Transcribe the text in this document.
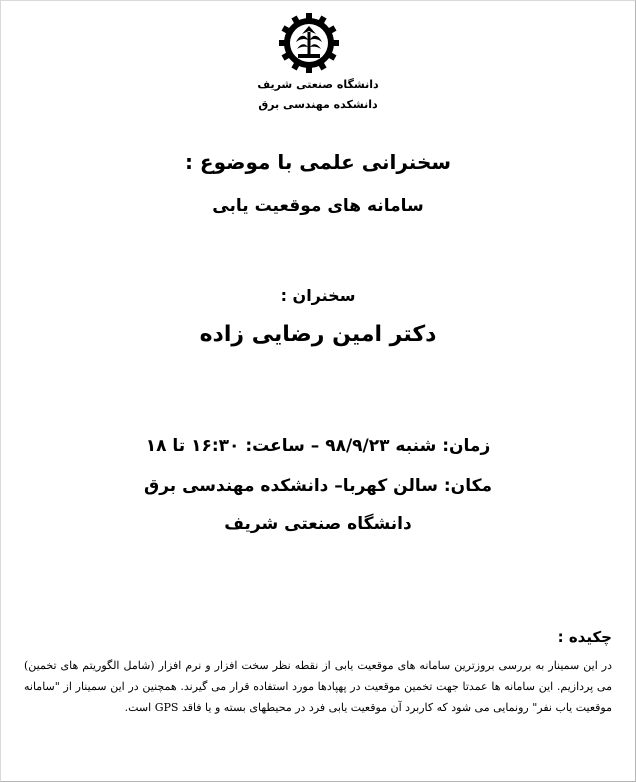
دانشگاه صنعتی شریف
دانشکده مهندسی برق
سخنرانی علمی با موضوع :
سامانه های موقعیت یابی
سخنران :
دکتر امین رضایی زاده
زمان: شنبه ۹۸/۹/۲۳ – ساعت: ۱۶:۳۰ تا ۱۸
مکان: سالن کهربا– دانشکده مهندسی برق
دانشگاه صنعتی شریف
چکیده :
در این سمینار به بررسی بروزترین سامانه های موقعیت یابی از نقطه نظر سخت افزار و نرم افزار (شامل الگوریتم های تخمین) می پردازیم. این سامانه ها عمدتا جهت تخمین موقعیت در پهپادها مورد استفاده قرار می گیرند. همچنین در این سمینار از "سامانه موقعیت یاب نفر" رونمایی می شود که کاربرد آن موقعیت یابی فرد در محیطهای بسته و یا فاقد GPS است.
